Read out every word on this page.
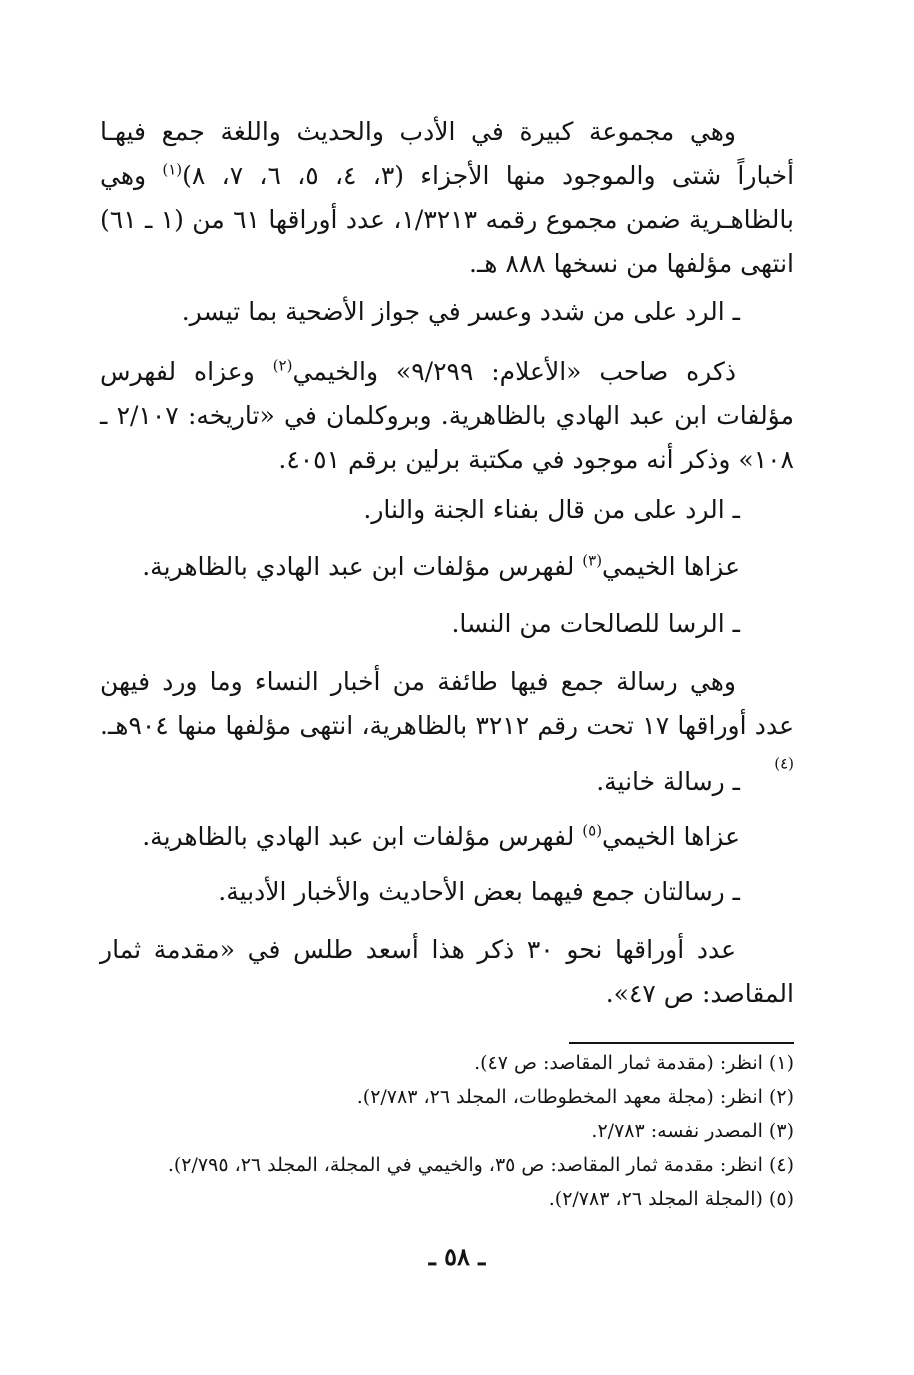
وهي مجموعة كبيرة في الأدب والحديث واللغة جمع فيهـا أخباراً شتى والموجود منها الأجزاء (٣، ٤، ٥، ٦، ٧، ٨)$^{(١)}$ وهي بالظاهـرية ضمن مجموع رقمه ١/٣٢١٣، عدد أوراقها ٦١ من (١ ـ ٦١) انتهى مؤلفها من نسخها ٨٨٨ هـ.

ـ الرد على من شدد وعسر في جواز الأضحية بما تيسر.

ذكره صاحب «الأعلام: ٩/٢٩٩» والخيمي$^{(٢)}$ وعزاه لفهرس مؤلفات ابن عبد الهادي بالظاهرية. وبروكلمان في «تاريخه: ٢/١٠٧ ـ ١٠٨» وذكر أنه موجود في مكتبة برلين برقم ٤٠٥١.

ـ الرد على من قال بفناء الجنة والنار.

عزاها الخيمي$^{(٣)}$ لفهرس مؤلفات ابن عبد الهادي بالظاهرية.

ـ الرسا للصالحات من النسا.

وهي رسالة جمع فيها طائفة من أخبار النساء وما ورد فيهن عدد أوراقها ١٧ تحت رقم ٣٢١٢ بالظاهرية، انتهى مؤلفها منها ٩٠٤هـ.$^{(٤)}$

ـ رسالة خانية.

عزاها الخيمي$^{(٥)}$ لفهرس مؤلفات ابن عبد الهادي بالظاهرية.

ـ رسالتان جمع فيهما بعض الأحاديث والأخبار الأدبية.

عدد أوراقها نحو ٣٠ ذكر هذا أسعد طلس في «مقدمة ثمار المقاصد: ص ٤٧».

(١) انظر: (مقدمة ثمار المقاصد: ص ٤٧).
(٢) انظر: (مجلة معهد المخطوطات، المجلد ٢٦، ٢/٧٨٣).
(٣) المصدر نفسه: ٢/٧٨٣.
(٤) انظر: مقدمة ثمار المقاصد: ص ٣٥، والخيمي في المجلة، المجلد ٢٦، ٢/٧٩٥).
(٥) (المجلة المجلد ٢٦، ٢/٧٨٣).
ـ ٥٨ ـ
